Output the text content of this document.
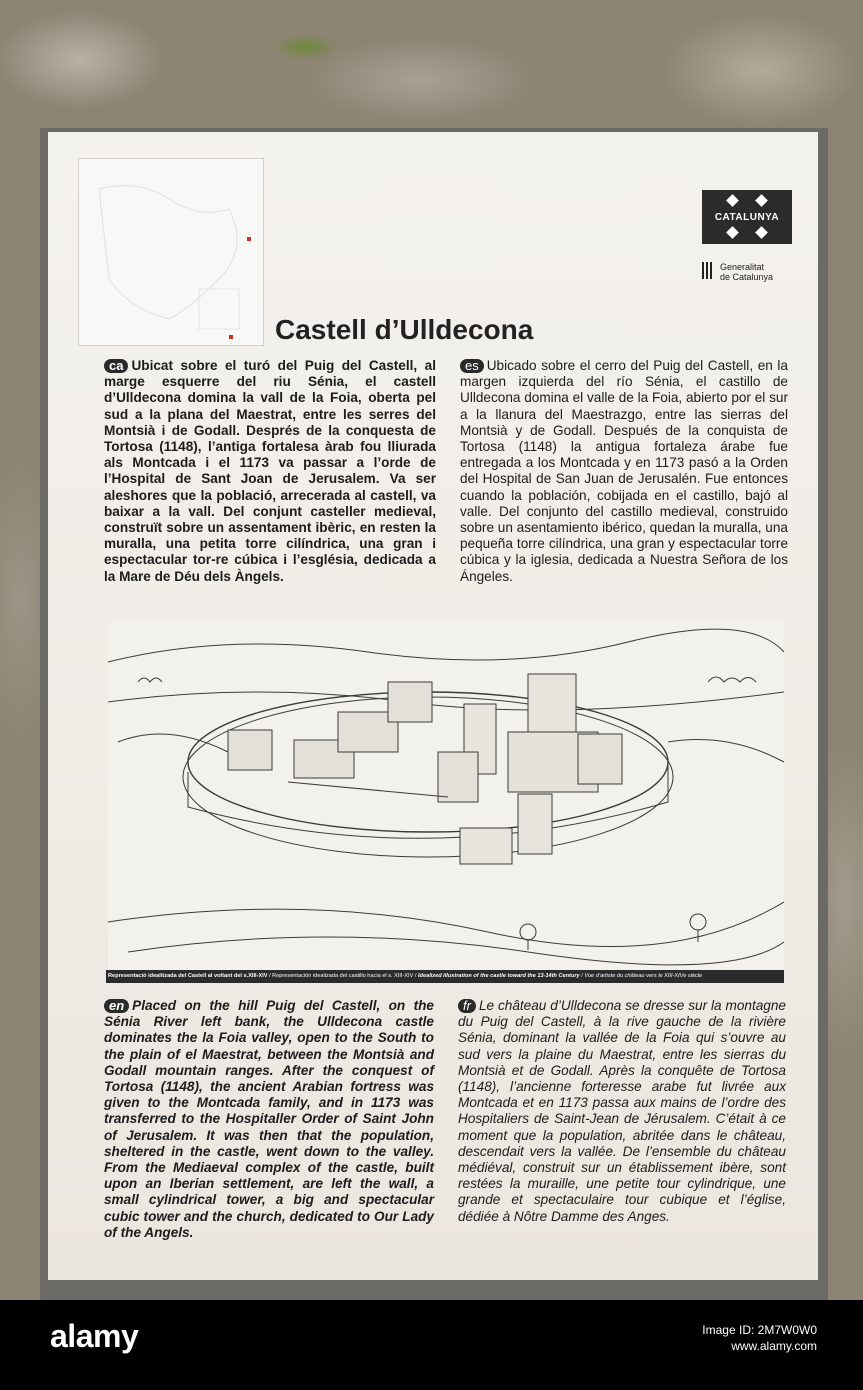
CATALUNYA
Generalitat
de Catalunya
Castell d’Ulldecona

ca Ubicat sobre el turó del Puig del Castell, al marge esquerre del riu Sénia, el castell d’Ulldecona domina la vall de la Foia, oberta pel sud a la plana del Maestrat, entre les serres del Montsià i de Godall. Després de la conquesta de Tortosa (1148), l’antiga fortalesa àrab fou lliurada als Montcada i el 1173 va passar a l’orde de l’Hospital de Sant Joan de Jerusalem. Va ser aleshores que la població, arrecerada al castell, va baixar a la vall. Del conjunt casteller medieval, construït sobre un assentament ibèric, en resten la muralla, una petita torre cilíndrica, una gran i espectacular tor-re cúbica i l’església, dedicada a la Mare de Déu dels Àngels.

es Ubicado sobre el cerro del Puig del Castell, en la margen izquierda del río Sénia, el castillo de Ulldecona domina el valle de la Foia, abierto por el sur a la llanura del Maestrazgo, entre las sierras del Montsià y de Godall. Después de la conquista de Tortosa (1148) la antigua fortaleza árabe fue entregada a los Montcada y en 1173 pasó a la Orden del Hospital de San Juan de Jerusalén. Fue entonces cuando la población, cobijada en el castillo, bajó al valle. Del conjunto del castillo medieval, construido sobre un asentamiento ibérico, quedan la muralla, una pequeña torre cilíndrica, una gran y espectacular torre cúbica y la iglesia, dedicada a Nuestra Señora de los Ángeles.

Representació idealitzada del Castell al voltant del s.XIII-XIV / Representación idealizada del castillo hacia el s. XIII-XIV / Idealized illustration of the castle toward the 13-14th Century / Vue d’artiste du château vers le XIII-XIVe siècle

en Placed on the hill Puig del Castell, on the Sénia River left bank, the Ulldecona castle dominates the la Foia valley, open to the South to the plain of el Maestrat, between the Montsià and Godall mountain ranges. After the conquest of Tortosa (1148), the ancient Arabian fortress was given to the Montcada family, and in 1173 was transferred to the Hospitaller Order of Saint John of Jerusalem. It was then that the population, sheltered in the castle, went down to the valley. From the Mediaeval complex of the castle, built upon an Iberian settlement, are left the wall, a small cylindrical tower, a big and spectacular cubic tower and the church, dedicated to Our Lady of the Angels.

fr Le château d’Ulldecona se dresse sur la montagne du Puig del Castell, à la rive gauche de la rivière Sénia, dominant la vallée de la Foia qui s’ouvre au sud vers la plaine du Maestrat, entre les sierras du Montsià et de Godall. Après la conquête de Tortosa (1148), l’ancienne forteresse arabe fut livrée aux Montcada et en 1173 passa aux mains de l’ordre des Hospitaliers de Saint-Jean de Jérusalem. C’était à ce moment que la population, abritée dans le château, descendait vers la vallée. De l’ensemble du château médiéval, construit sur un établissement ibère, sont restées la muraille, une petite tour cylindrique, une grande et spectaculaire tour cubique et l’église, dédiée à Nôtre Damme des Anges.

alamy	Image ID: 2M7W0W0
www.alamy.com
